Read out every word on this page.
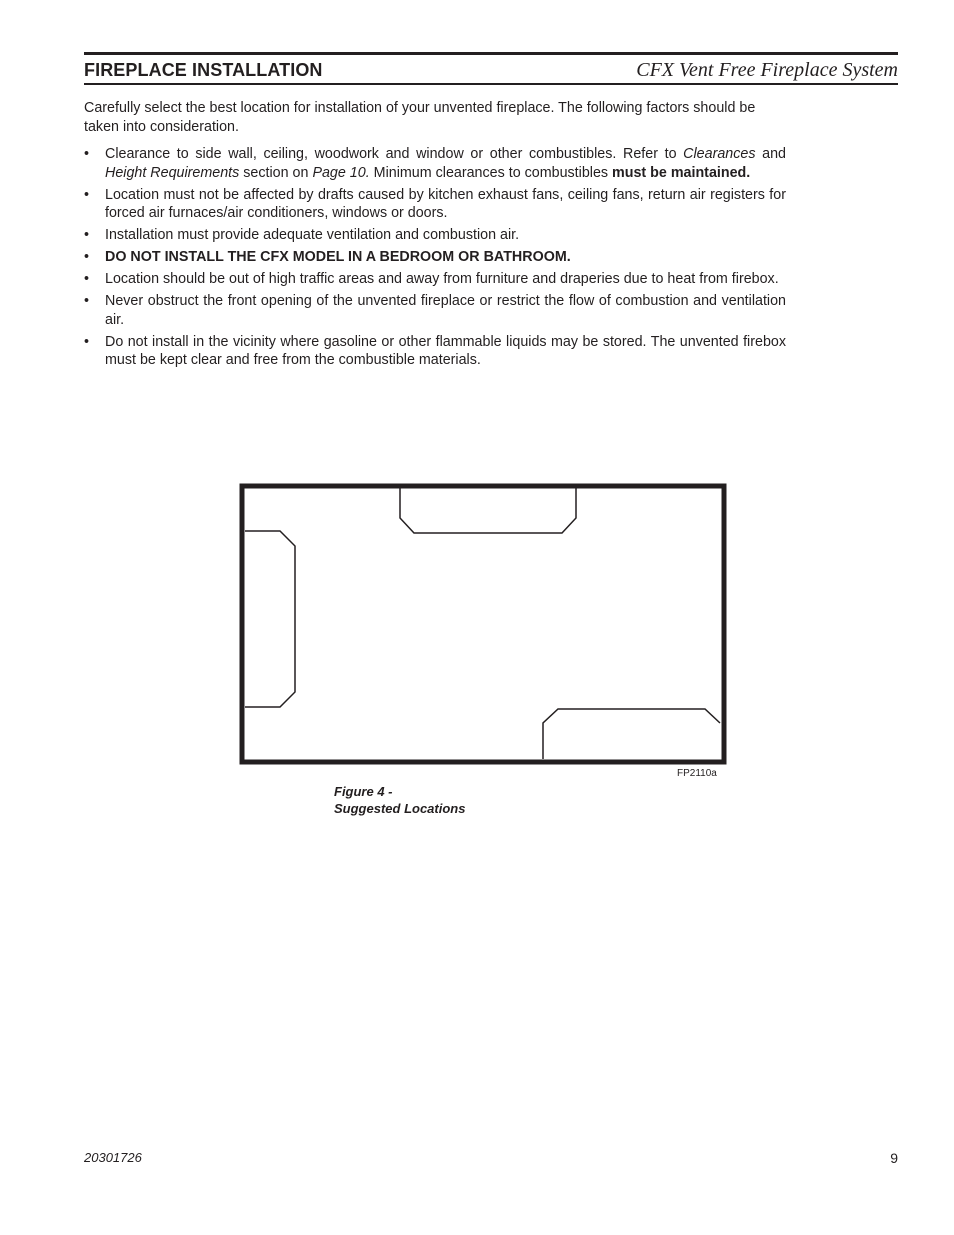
FIREPLACE INSTALLATION	CFX Vent Free Fireplace System

Carefully select the best location for installation of your unvented fireplace. The following factors should be taken into consideration.

• Clearance to side wall, ceiling, woodwork and window or other combustibles. Refer to Clearances and Height Requirements section on Page 10. Minimum clearances to combustibles must be maintained.
• Location must not be affected by drafts caused by kitchen exhaust fans, ceiling fans, return air registers for forced air furnaces/air conditioners, windows or doors.
• Installation must provide adequate ventilation and combustion air.
• DO NOT INSTALL THE CFX MODEL IN A BEDROOM OR BATHROOM.
• Location should be out of high traffic areas and away from furniture and draperies due to heat from firebox.
• Never obstruct the front opening of the unvented fireplace or restrict the flow of combustion and ventilation air.
• Do not install in the vicinity where gasoline or other flammable liquids may be stored. The unvented firebox must be kept clear and free from the combustible materials.
FP2110a
Figure 4 -
Suggested Locations
20301726	9
